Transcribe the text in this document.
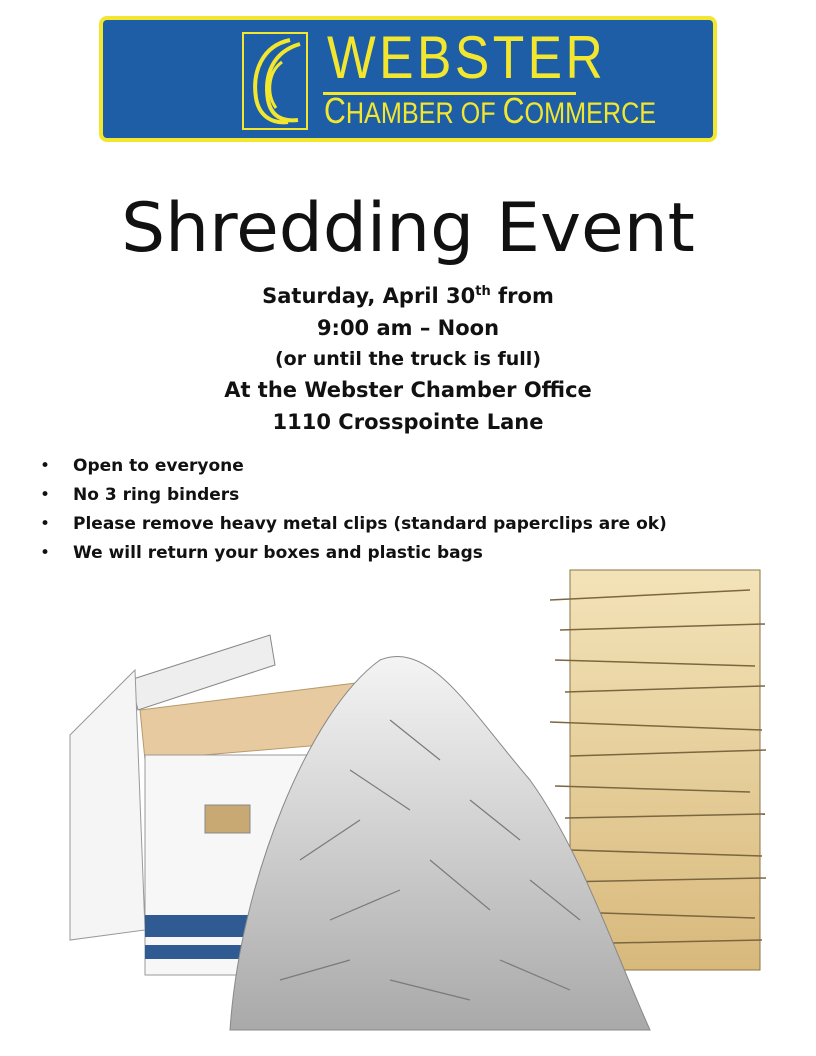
WEBSTER
CHAMBER OF COMMERCE
Shredding Event
Saturday, April 30th from
9:00 am – Noon
(or until the truck is full)
At the Webster Chamber Office
1110 Crosspointe Lane
• Open to everyone
• No 3 ring binders
• Please remove heavy metal clips (standard paperclips are ok)
• We will return your boxes and plastic bags
